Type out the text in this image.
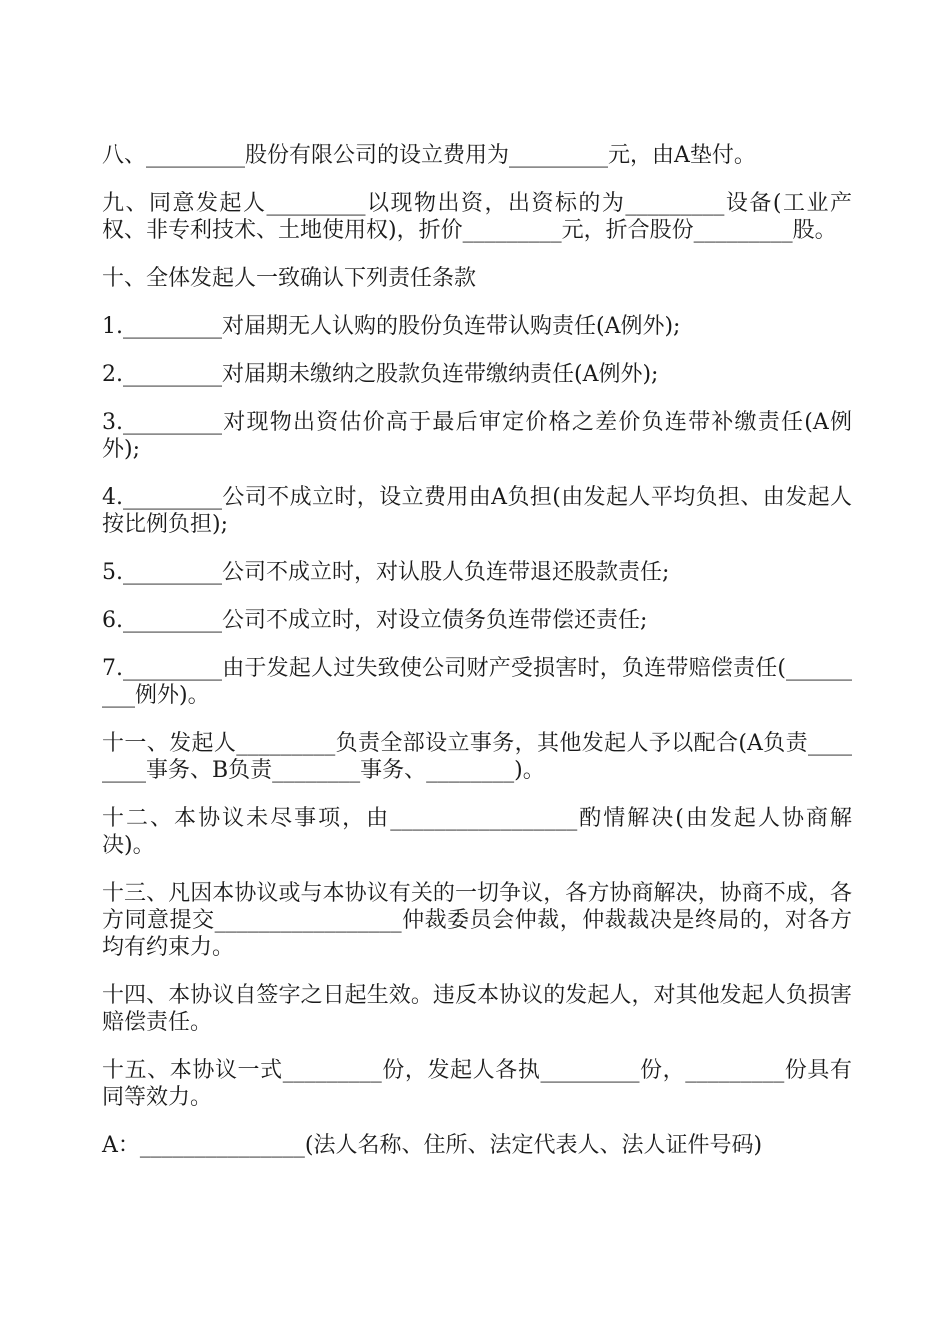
八、_________股份有限公司的设立费用为_________元，由A垫付。

九、同意发起人_________以现物出资，出资标的为_________设备(工业产权、非专利技术、土地使用权)，折价_________元，折合股份_________股。

十、全体发起人一致确认下列责任条款

1._________对届期无人认购的股份负连带认购责任(A例外);

2._________对届期未缴纳之股款负连带缴纳责任(A例外);

3._________对现物出资估价高于最后审定价格之差价负连带补缴责任(A例外);

4._________公司不成立时，设立费用由A负担(由发起人平均负担、由发起人按比例负担);

5._________公司不成立时，对认股人负连带退还股款责任;

6._________公司不成立时，对设立债务负连带偿还责任;

7._________由于发起人过失致使公司财产受损害时，负连带赔偿责任(_________例外)。

十一、发起人_________负责全部设立事务，其他发起人予以配合(A负责________事务、B负责________事务、________)。

十二、本协议未尽事项，由_________________酌情解决(由发起人协商解决)。

十三、凡因本协议或与本协议有关的一切争议，各方协商解决，协商不成，各方同意提交_________________仲裁委员会仲裁，仲裁裁决是终局的，对各方均有约束力。

十四、本协议自签字之日起生效。违反本协议的发起人，对其他发起人负损害赔偿责任。

十五、本协议一式_________份，发起人各执_________份，_________份具有同等效力。

A：_______________(法人名称、住所、法定代表人、法人证件号码)
